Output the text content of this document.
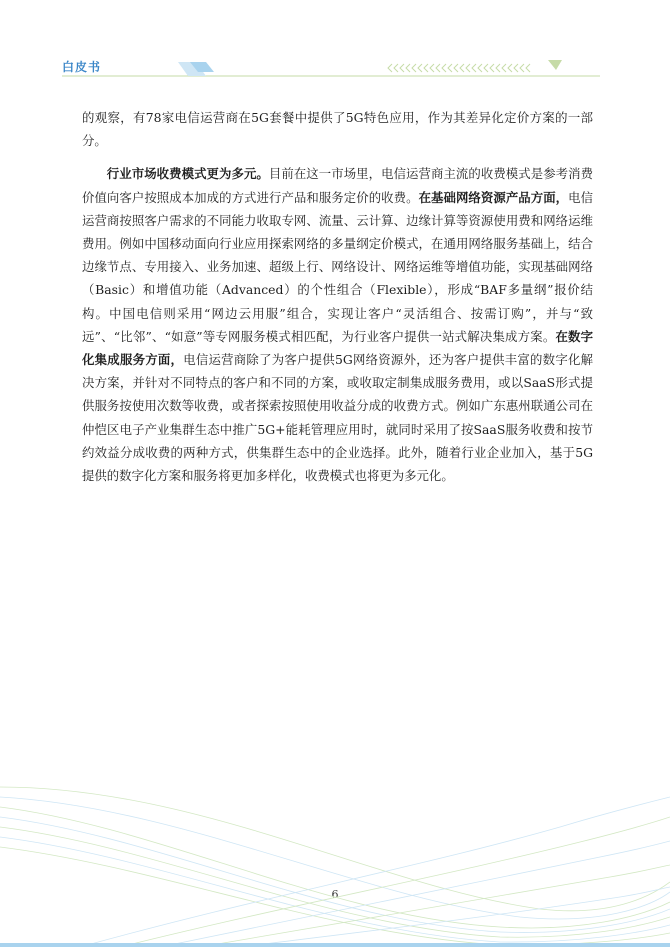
白皮书

的观察，有78家电信运营商在5G套餐中提供了5G特色应用，作为其差异化定价方案的一部分。

行业市场收费模式更为多元。目前在这一市场里，电信运营商主流的收费模式是参考消费价值向客户按照成本加成的方式进行产品和服务定价的收费。在基础网络资源产品方面，电信运营商按照客户需求的不同能力收取专网、流量、云计算、边缘计算等资源使用费和网络运维费用。例如中国移动面向行业应用探索网络的多量纲定价模式，在通用网络服务基础上，结合边缘节点、专用接入、业务加速、超级上行、网络设计、网络运维等增值功能，实现基础网络（Basic）和增值功能（Advanced）的个性组合（Flexible），形成“BAF多量纲”报价结构。中国电信则采用“网边云用服”组合，实现让客户“灵活组合、按需订购”，并与“致远”、“比邻”、“如意”等专网服务模式相匹配，为行业客户提供一站式解决集成方案。在数字化集成服务方面，电信运营商除了为客户提供5G网络资源外，还为客户提供丰富的数字化解决方案，并针对不同特点的客户和不同的方案，或收取定制集成服务费用，或以SaaS形式提供服务按使用次数等收费，或者探索按照使用收益分成的收费方式。例如广东惠州联通公司在仲恺区电子产业集群生态中推广5G+能耗管理应用时，就同时采用了按SaaS服务收费和按节约效益分成收费的两种方式，供集群生态中的企业选择。此外，随着行业企业加入，基于5G提供的数字化方案和服务将更加多样化，收费模式也将更为多元化。

6
